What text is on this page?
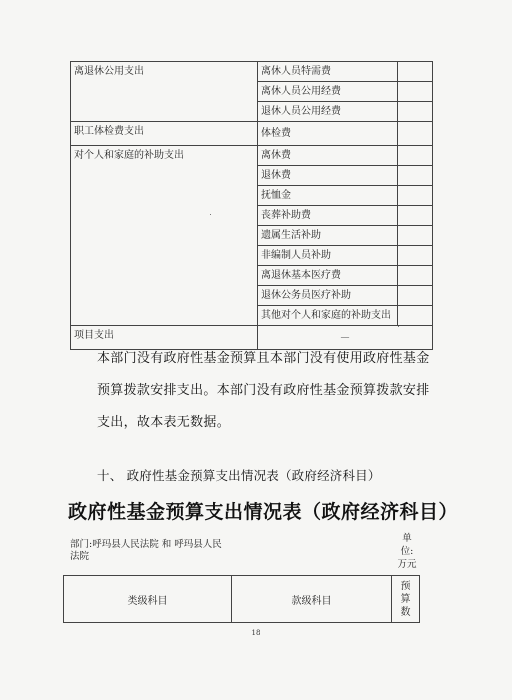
离退休公用支出	离休人员特需费	
	离休人员公用经费	
	退休人员公用经费	
职工体检费支出	体检费	
对个人和家庭的补助支出	离休费	
	退休费	
	抚恤金	
	丧葬补助费	
	遗属生活补助	
	非编制人员补助	
	离退休基本医疗费	
	退休公务员医疗补助	
	其他对个人和家庭的补助支出	
项目支出	—	
本部门没有政府性基金预算且本部门没有使用政府性基金
预算拨款安排支出。本部门没有政府性基金预算拨款安排
支出，故本表无数据。
十、 政府性基金预算支出情况表（政府经济科目）
政府性基金预算支出情况表（政府经济科目）
部门:呼玛县人民法院 和 呼玛县人民法院
单位:万元
类级科目	款级科目	预算数
18
